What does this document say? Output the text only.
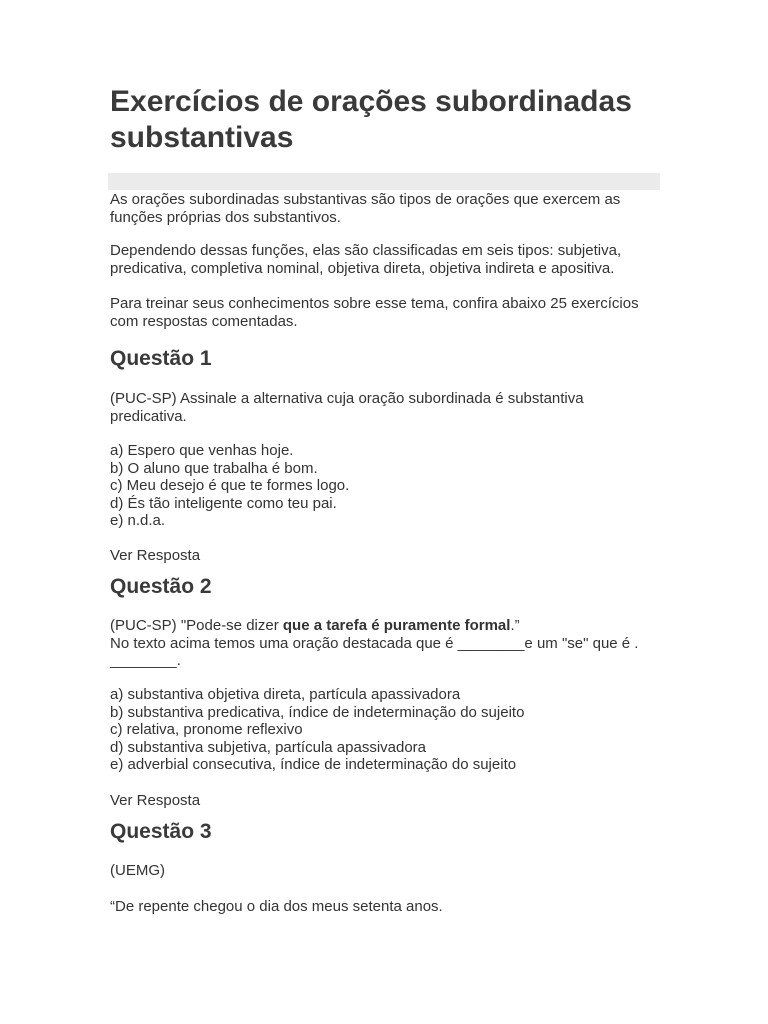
Exercícios de orações subordinadas substantivas

As orações subordinadas substantivas são tipos de orações que exercem as funções próprias dos substantivos.

Dependendo dessas funções, elas são classificadas em seis tipos: subjetiva, predicativa, completiva nominal, objetiva direta, objetiva indireta e apositiva.

Para treinar seus conhecimentos sobre esse tema, confira abaixo 25 exercícios com respostas comentadas.

Questão 1

(PUC-SP) Assinale a alternativa cuja oração subordinada é substantiva predicativa.

a) Espero que venhas hoje.
b) O aluno que trabalha é bom.
c) Meu desejo é que te formes logo.
d) És tão inteligente como teu pai.
e) n.d.a.

Ver Resposta

Questão 2

(PUC-SP) "Pode-se dizer que a tarefa é puramente formal.”
No texto acima temos uma oração destacada que é ________e um "se" que é .
________.

a) substantiva objetiva direta, partícula apassivadora
b) substantiva predicativa, índice de indeterminação do sujeito
c) relativa, pronome reflexivo
d) substantiva subjetiva, partícula apassivadora
e) adverbial consecutiva, índice de indeterminação do sujeito

Ver Resposta

Questão 3

(UEMG)

“De repente chegou o dia dos meus setenta anos.
